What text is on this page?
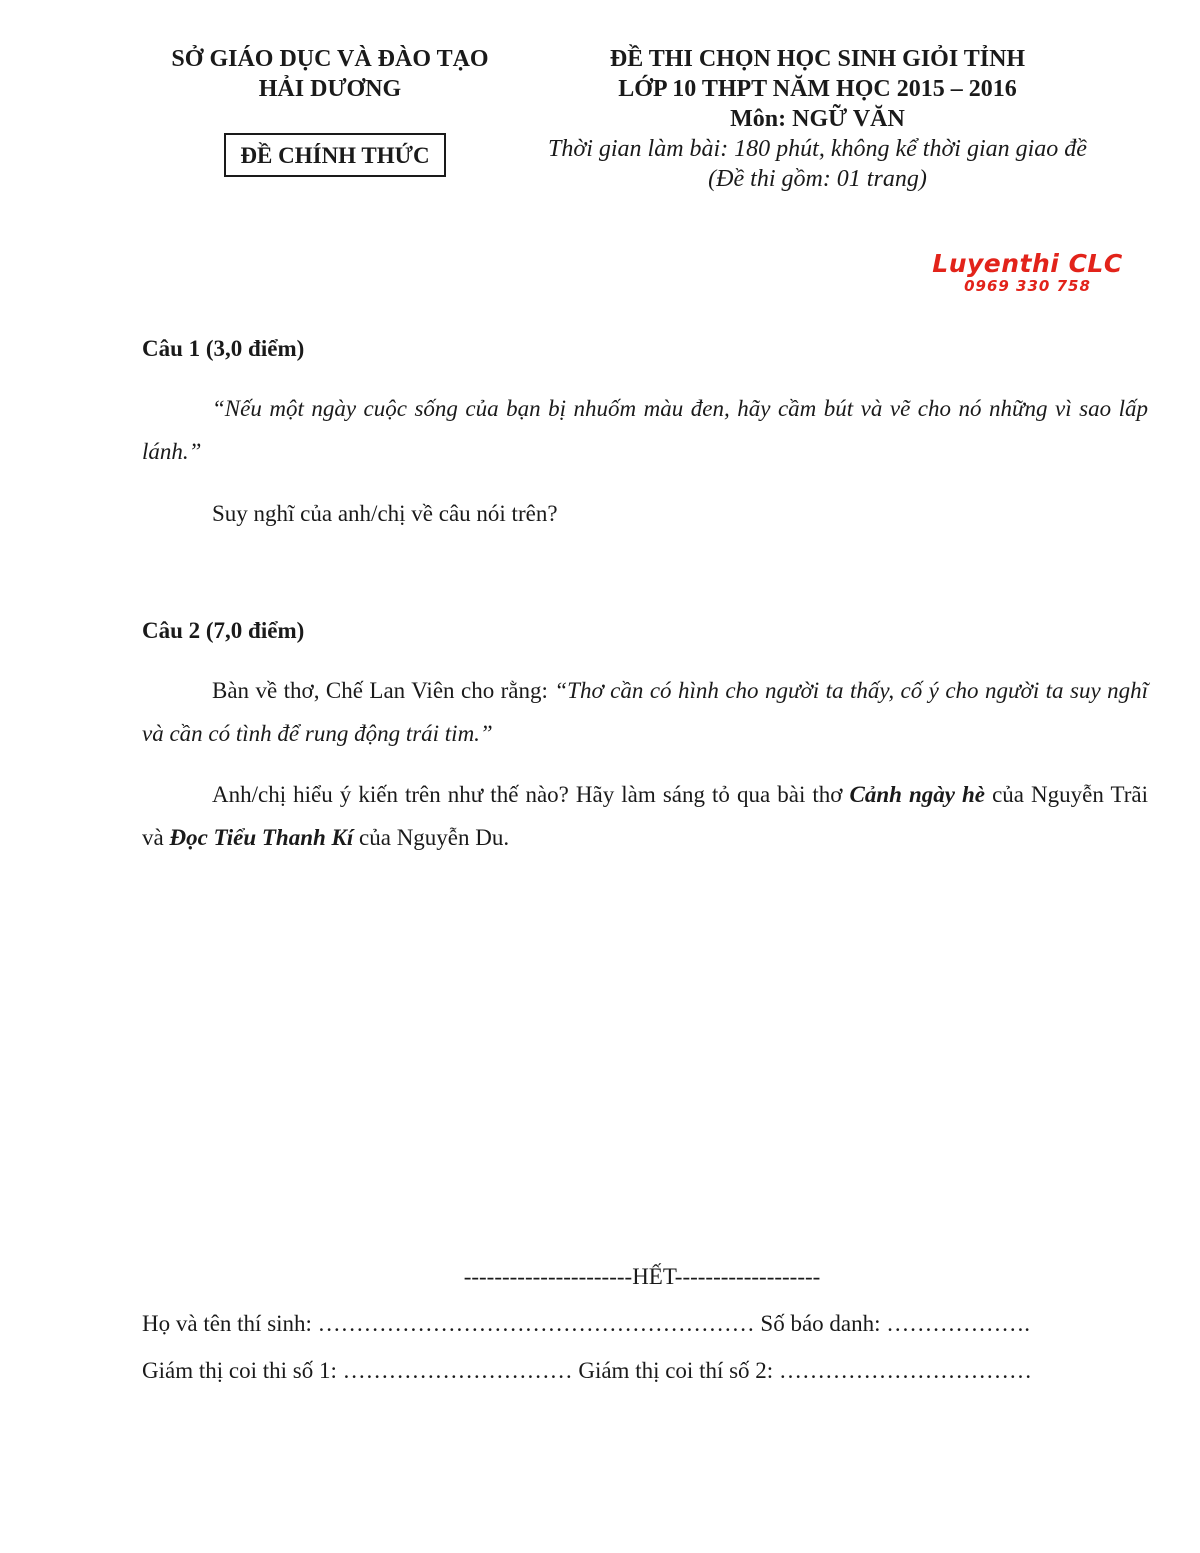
SỞ GIÁO DỤC VÀ ĐÀO TẠO
HẢI DƯƠNG
ĐỀ CHÍNH THỨC
ĐỀ THI CHỌN HỌC SINH GIỎI TỈNH
LỚP 10 THPT NĂM HỌC 2015 – 2016
Môn: NGỮ VĂN
Thời gian làm bài: 180 phút, không kể thời gian giao đề
(Đề thi gồm: 01 trang)
Luyenthi CLC
0969 330 758
Câu 1 (3,0 điểm)
“Nếu một ngày cuộc sống của bạn bị nhuốm màu đen, hãy cầm bút và vẽ cho nó những vì sao lấp lánh.”
Suy nghĩ của anh/chị về câu nói trên?
Câu 2 (7,0 điểm)
Bàn về thơ, Chế Lan Viên cho rằng: “Thơ cần có hình cho người ta thấy, cố ý cho người ta suy nghĩ và cần có tình để rung động trái tim.”
Anh/chị hiểu ý kiến trên như thế nào? Hãy làm sáng tỏ qua bài thơ Cảnh ngày hè của Nguyễn Trãi và Đọc Tiểu Thanh Kí của Nguyễn Du.
----------------------HẾT-------------------
Họ và tên thí sinh: ………………………………………………… Số báo danh: ……………….
Giám thị coi thi số 1: ………………………… Giám thị coi thí số 2: ……………………………
